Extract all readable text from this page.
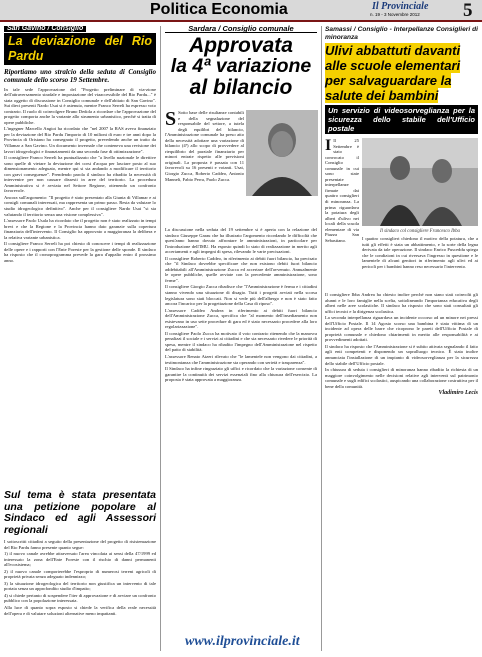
Politica Economia	Il Provinciale
n. 19 - 3 Novembre 2012 5
San Gavino / Consiglio
La deviazione del Rio Pardu
Riportiamo uno stralcio della seduta di Consiglio comunale dello scorso 19 Settembre.

In tale sede l'approvazione del "Progetto preliminare di via-zione dell'attraversamento stradale e impostazione del viaaccessibile del Rio Pardu..." è stata oggetto di discussione in Consiglio comunale e dell'abitato di San Gavino". Sui dieci presenti Nardo Usai si è astenuto, mentre Franco Serreli ha espresso voto contrario. Il ruolo di coinvolgere Bruno Dedola a ricordare che l'approvazione del progetto comporta anche la variante allo strumento urbanistico, perché si tratta di opere pubbliche.

L'ingegner Marcello Angioi ha ricordato che "nel 2007 la RAS aveva finanziato per la deviazione del Rio Pardu l'importo di 10 milioni di euro e tre anni dopo la Provincia di Oristano ha consegnato il progetto, prevedendo anche un tratto da Villamar a San Gavino. Un documento invernale che conteneva una revisione dei lavori idrogeologici e finanziamenti da una seconda fase di ottimizzazione".

Il consigliere Franco Serreli ha puntualizzato che "a livello nazionale le direttive sono quelle di vietare la deviazione dei corsi d'acqua per lasciare posto al suo dimensionamento adeguato, mentre qui si sta andando a modificare il territorio con gravi conseguenze". Prendendo parola il sindaco ha ribadito la necessità di intervenire per non causare dissesti in aree del territorio. La procedura Amministrativa si è avviata nel Settore Regione, ottenendo un confronto favorevole.

Ancora sull'argomento: "Il progetto è stato presentato alla Giunta di Villamar e ai consigli comunali interessati, ma rappresenta un primo passo. Resta da valutare lo studio idrogeologico definitivo". Anche per il consigliere Nardo Usai "si sta valutando il territorio senza una visione complessiva".

L'assessore Paolo Usala ha ricordato che il progetto non è stato realizzato in tempi brevi e che la Regione e la Provincia hanno dato garanzie sulla copertura finanziaria dell'intervento. Il Consiglio ha approvato a maggioranza la delibera e la relativa variante urbanistica.

Il consigliere Franco Serreli ha poi chiesto di conoscere i tempi di realizzazione delle opere e i rapporti con l'Ente Foreste per la gestione delle sponde. Il sindaco ha risposto che il cronoprogramma prevede la gara d'appalto entro il prossimo anno.

Sul tema è stata presentata una petizione popolare al Sindaco ed agli Assessori regionali

I sottoscritti cittadini a seguito della presentazione del progetto di risistemazione del Rio Pardu fanno presente quanto segue:

1) il nuovo canale avrebbe attraversato l'area vincolata ai sensi della 47/1999 ed interessato la zona dell'Ente Foreste con il rischio di danni permanenti all'ecosistema;

2) il nuovo canale comporterebbe l'esproprio di numerosi terreni agricoli di proprietà privata senza adeguato indennizzo;

3) la situazione idrogeologica del territorio non giustifica un intervento di tale portata senza un approfondito studio d'impatto;

4) si chiede pertanto di sospendere l'iter di approvazione e di avviare un confronto pubblico con la popolazione interessata.

Alla luce di quanto sopra esposto si chiede la verifica della reale necessità dell'opera e di valutare soluzioni alternative meno impattanti.

Sardara / Consiglio comunale
Approvata
la 4ª variazione
al bilancio

S Sotto base delle risultanze contabili e della segnalazione del responsabile del settore, a tutela degli equilibri del bilancio, l'Amministrazione comunale ha preso atto della necessità adottare una variazione di bilancio (4ª) allo scopo di provvedere al riequilibrio del parziale finanziario per minori entrate rispetto alle previsioni originali. La proposta è passata con 11 favorevoli su 16 presenti e votanti. Usai, Giorgio Zucca, Roberto Caddeo, Antonio Manneli, Fabio Perra, Paolo Zucca.

La discussione nella seduta del 19 settembre si è aperta con la relazione del sindaco Giuseppe Garau che ha illustrato l'argomento ricordando le difficoltà che quest'anno hanno dovuto affrontare le amministrazioni, in particolare per l'introduzione dell'IMU. Ha esposto quindi lo stato di realizzazione in merito agli accertamenti e agli impegni di spesa, rilevando le varie precisazioni.

Il consigliere Roberto Caddeo, in riferimento ai debiti fuori bilancio, ha precisato che "il Sindaco dovrebbe specificare che non esistono debiti fuori bilancio addebitabili all'Amministrazione Zucca ed accertare dell'avvenuto. Annualmente le opere pubbliche, quelle avviate con la precedente amministrazione, sono ferme".

Il consigliere Giorgio Zucca ribadisce che "l'Amministrazione è ferma e i cittadini stanno vivendo una situazione di disagio. Tutti i progetti avviati nella scorsa legislatura sono stati bloccati. Non si vede più dell'albergo e non è stato fatto ancora l'incarico per la progettazione della Casa di riposo".

L'assessore Caddeo Andrea in riferimento ai debiti fuori bilancio dell'Amministrazione Zucca, specifica che "al momento dell'insediamento non esistevano in uso sette procedure di gara ed è stato necessario procedere alla loro regolarizzazione".

Il consigliere Paolo Zucca ha motivato il voto contrario ritenendo che la manovra penalizzi il sociale e i servizi ai cittadini e che sia necessario rivedere le priorità di spesa, mentre il sindaco ha ribadito l'impegno dell'Amministrazione nel rispetto del patto di stabilità.

L'assessore Renato Atzeri rilevato che "le lamentele non vengono dai cittadini, a testimonianza che l'amministrazione sta operando con serietà e trasparenza".

Il Sindaco ha infine ringraziato gli uffici e ricordato che la variazione consente di garantire la continuità dei servizi essenziali fino alla chiusura dell'esercizio. La proposta è stata approvata a maggioranza.

www.ilprovinciale.it
Samassi / Consiglio - Interpellanze Consiglieri di minoranza
Ulivi abbattuti davanti alle scuole elementari per salvaguardare la salute dei bambini
Un servizio di videosorveglianza per la sicurezza dello stabile dell'Ufficio postale

I Il 25 Settembre è stato convocato il Consiglio comunale in cui sono state presentate interpellanze firmate dai quattro consiglieri di minoranza. La prima riguardava la potatura degli alberi d'ulivo nei locali della scuola elementare di via Piazza San Sebastiano.

Il sindaco col consigliere Francesco Ibba

I quattro consiglieri chiedono il motivo della potatura, che a tutti gli effetti è stata un abbattimento, e la sorte della legna derivata da tale operazione. Il sindaco Enrico Pusceddu spiega che le condizioni in cui riversava l'ingresso in questione e le lamentele di alcuni genitori in riferimento agli ulivi ed ai pericoli per i bambini hanno reso necessario l'intervento.

Il consigliere Ibba Andrea ha chiesto inoltre perché non siano stati coinvolti gli alunni e le loro famiglie nella scelta, sottolineando l'importanza educativa degli alberi nelle aree scolastiche. Il sindaco ha risposto che sono stati consultati gli uffici tecnici e la dirigenza scolastica.

La seconda interpellanza riguardava un incidente occorso ad un minore nei pressi dell'Ufficio Postale. Il 14 Agosto scorso una bambina è stata vittima di un incidente ad opera delle barre che ricoprono le pareti dell'Ufficio Postale di proprietà comunale e chiedono chiarimenti in merito alle responsabilità e ai provvedimenti adottati.

Il sindaco ha risposto che l'Amministrazione si è subito attivata segnalando il fatto agli enti competenti e disponendo un sopralluogo tecnico. È stata inoltre annunciata l'installazione di un impianto di videosorveglianza per la sicurezza dello stabile dell'Ufficio postale.

In chiusura di seduta i consiglieri di minoranza hanno ribadito la richiesta di un maggiore coinvolgimento nelle decisioni relative agli interventi sul patrimonio comunale e sugli edifici scolastici, auspicando una collaborazione costruttiva per il bene della comunità.

Vladimiro Lecis
